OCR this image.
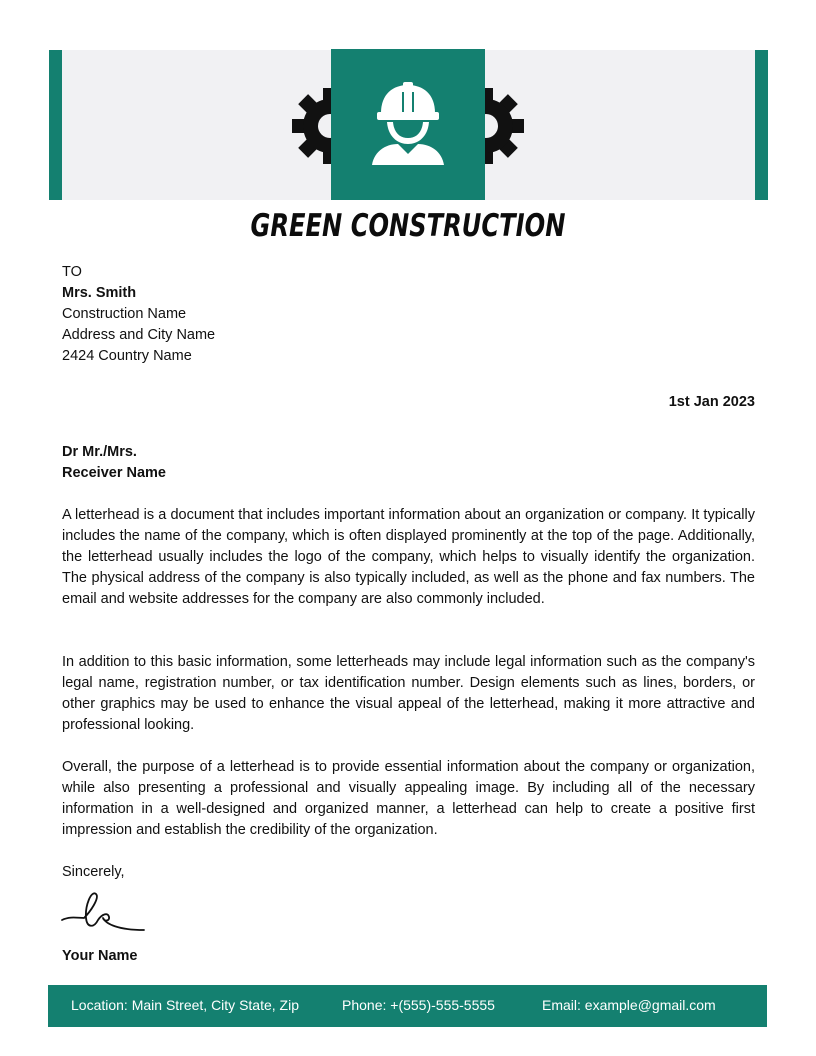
GREEN CONSTRUCTION
TO
Mrs. Smith
Construction Name
Address and City Name
2424 Country Name
1st Jan 2023
Dr Mr./Mrs.
Receiver Name

A letterhead is a document that includes important information about an organization or company. It typically includes the name of the company, which is often displayed prominently at the top of the page. Additionally, the letterhead usually includes the logo of the company, which helps to visually identify the organization. The physical address of the company is also typically included, as well as the phone and fax numbers. The email and website addresses for the company are also commonly included.

In addition to this basic information, some letterheads may include legal information such as the company's legal name, registration number, or tax identification number. Design elements such as lines, borders, or other graphics may be used to enhance the visual appeal of the letterhead, making it more attractive and professional looking.

Overall, the purpose of a letterhead is to provide essential information about the company or organization, while also presenting a professional and visually appealing image. By including all of the necessary information in a well-designed and organized manner, a letterhead can help to create a positive first impression and establish the credibility of the organization.

Sincerely,
Your Name
Location: Main Street, City State, Zip	Phone: +(555)-555-5555	Email: example@gmail.com
